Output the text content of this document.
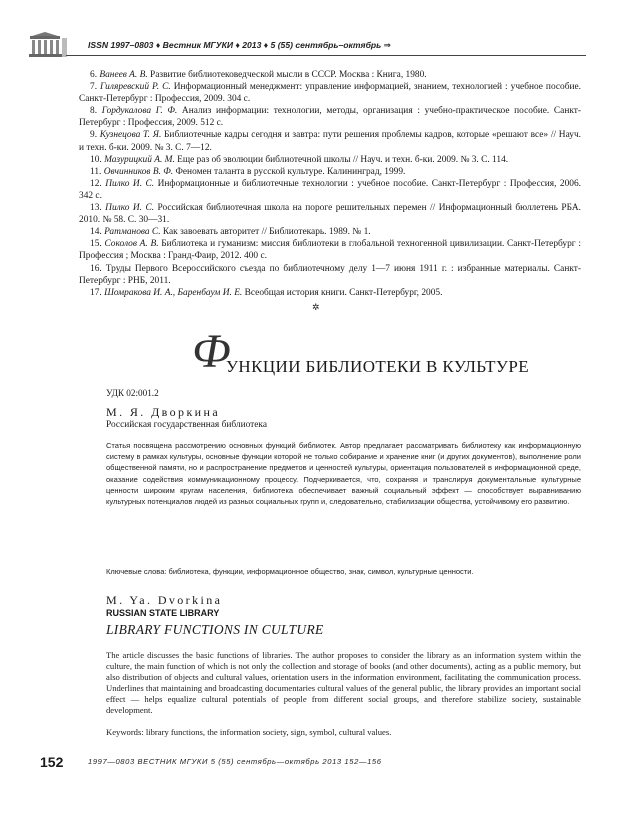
ISSN 1997–0803 ♦ Вестник МГУКИ ♦ 2013 ♦ 5 (55) сентябрь–октябрь ⇒

6. Ванеев А. В. Развитие библиотековедческой мысли в СССР. Москва : Книга, 1980.

7. Гиляревский Р. С. Информационный менеджмент: управление информацией, знанием, технологией : учебное пособие. Санкт-Петербург : Профессия, 2009. 304 с.

8. Гордукалова Г. Ф. Анализ информации: технологии, методы, организация : учебно-практическое пособие. Санкт-Петербург : Профессия, 2009. 512 с.

9. Кузнецова Т. Я. Библиотечные кадры сегодня и завтра: пути решения проблемы кадров, которые «решают все» // Науч. и техн. б-ки. 2009. № 3. С. 7—12.

10. Мазурицкий А. М. Еще раз об эволюции библиотечной школы // Науч. и техн. б-ки. 2009. № 3. С. 114.

11. Овчинников В. Ф. Феномен таланта в русской культуре. Калининград, 1999.

12. Пилко И. С. Информационные и библиотечные технологии : учебное пособие. Санкт-Петербург : Профессия, 2006. 342 с.

13. Пилко И. С. Российская библиотечная школа на пороге решительных перемен // Информационный бюллетень РБА. 2010. № 58. С. 30—31.

14. Ратманова С. Как завоевать авторитет // Библиотекарь. 1989. № 1.

15. Соколов А. В. Библиотека и гуманизм: миссия библиотеки в глобальной техногенной цивилизации. Санкт-Петербург : Профессия ; Москва : Гранд-Фаир, 2012. 400 с.

16. Труды Первого Всероссийского съезда по библиотечному делу 1—7 июня 1911 г. : избранные материалы. Санкт-Петербург : РНБ, 2011.

17. Шомракова И. А., Баренбаум И. Е. Всеобщая история книги. Санкт-Петербург, 2005.

✲
Ф
УНКЦИИ БИБЛИОТЕКИ В КУЛЬТУРЕ
УДК 02:001.2
М. Я. Дворкина
Российская государственная библиотека
Статья посвящена рассмотрению основных функций библиотек. Автор предлагает рассматривать библиотеку как информационную систему в рамках культуры, основные функции которой не только собирание и хранение книг (и других документов), выполнение роли общественной памяти, но и распространение предметов и ценностей культуры, ориентация пользователей в информационной среде, оказание содействия коммуникационному процессу. Подчеркивается, что, сохраняя и транслируя документальные культурные ценности широким кругам населения, библиотека обеспечивает важный социальный эффект — способствует выравниванию культурных потенциалов людей из разных социальных групп и, следовательно, стабилизации общества, устойчивому его развитию.
Ключевые слова: библиотека, функции, информационное общество, знак, символ, культурные ценности.
M. Ya. Dvorkina
RUSSIAN STATE LIBRARY
LIBRARY FUNCTIONS IN CULTURE
The article discusses the basic functions of libraries. The author proposes to consider the library as an information system within the culture, the main function of which is not only the collection and storage of books (and other documents), acting as a public memory, but also distribution of objects and cultural values, orientation users in the information environment, facilitating the communication process. Underlines that maintaining and broadcasting documentaries cultural values of the general public, the library provides an important social effect — helps equalize cultural potentials of people from different social groups, and therefore stabilize society, sustainable development.
Keywords: library functions, the information society, sign, symbol, cultural values.
152	1997—0803 ВЕСТНИК МГУКИ 5 (55) сентябрь—октябрь 2013 152—156
